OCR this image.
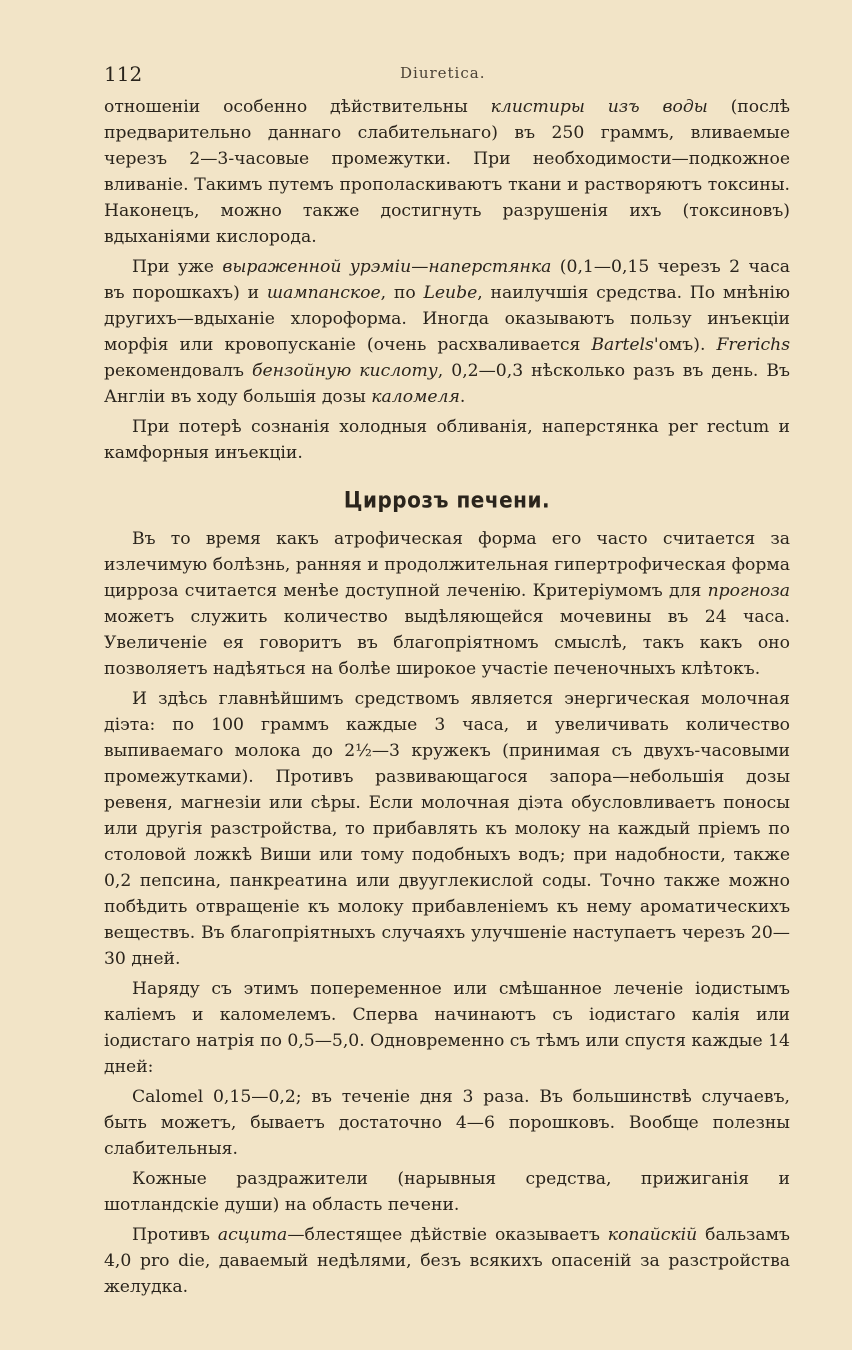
112	Diuretica.

отношеніи особенно дѣйствительны клистиры изъ воды (послѣ предварительно даннаго слабительнаго) въ 250 граммъ, вливаемые черезъ 2—3-часовые промежутки. При необходимости—подкожное вливаніе. Такимъ путемъ прополаскиваютъ ткани и растворяютъ токсины. Наконецъ, можно также достигнуть разрушенія ихъ (токсиновъ) вдыханіями кислорода.

При уже выраженной урэміи—наперстянка (0,1—0,15 черезъ 2 часа въ порошкахъ) и шампанское, по Leube, наилучшія средства. По мнѣнію другихъ—вдыханіе хлороформа. Иногда оказываютъ пользу инъекціи морфія или кровопусканіе (очень расхваливается Bartels'омъ). Frerichs рекомендовалъ бензойную кислоту, 0,2—0,3 нѣсколько разъ въ день. Въ Англіи въ ходу большія дозы каломеля.

При потерѣ сознанія холодныя обливанія, наперстянка per rectum и камфорныя инъекціи.

Циррозъ печени.

Въ то время какъ атрофическая форма его часто считается за излечимую болѣзнь, ранняя и продолжительная гипертрофическая форма цирроза считается менѣе доступной леченію. Критеріумомъ для прогноза можетъ служить количество выдѣляющейся мочевины въ 24 часа. Увеличеніе ея говоритъ въ благопріятномъ смыслѣ, такъ какъ оно позволяетъ надѣяться на болѣе широкое участіе печеночныхъ клѣтокъ.

И здѣсь главнѣйшимъ средствомъ является энергическая молочная діэта: по 100 граммъ каждые 3 часа, и увеличивать количество выпиваемаго молока до 2½—3 кружекъ (принимая съ двухъ-часовыми промежутками). Противъ развивающагося запора—небольшія дозы ревеня, магнезіи или сѣры. Если молочная діэта обусловливаетъ поносы или другія разстройства, то прибавлять къ молоку на каждый пріемъ по столовой ложкѣ Виши или тому подобныхъ водъ; при надобности, также 0,2 пепсина, панкреатина или двууглекислой соды. Точно также можно побѣдить отвращеніе къ молоку прибавленіемъ къ нему ароматическихъ веществъ. Въ благопріятныхъ случаяхъ улучшеніе наступаетъ черезъ 20—30 дней.

Наряду съ этимъ попеременное или смѣшанное леченіе іодистымъ каліемъ и каломелемъ. Сперва начинаютъ съ іодистаго калія или іодистаго натрія по 0,5—5,0. Одновременно съ тѣмъ или спустя каждые 14 дней:

Calomel 0,15—0,2; въ теченіе дня 3 раза. Въ большинствѣ случаевъ, быть можетъ, бываетъ достаточно 4—6 порошковъ. Вообще полезны слабительныя.

Кожные раздражители (нарывныя средства, прижиганія и шотландскіе души) на область печени.

Противъ асцита—блестящее дѣйствіе оказываетъ копайскій бальзамъ 4,0 pro die, даваемый недѣлями, безъ всякихъ опасеній за разстройства желудка.
